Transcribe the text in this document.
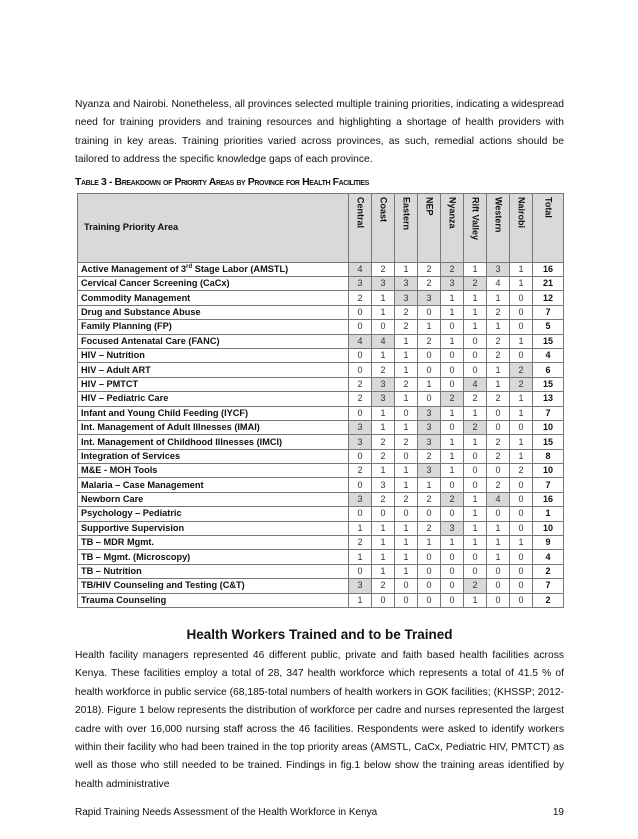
Nyanza and Nairobi. Nonetheless, all provinces selected multiple training priorities, indicating a widespread need for training providers and training resources and highlighting a shortage of health providers with training in key areas. Training priorities varied across provinces, as such, remedial actions should be tailored to address the specific knowledge gaps of each province.

Table 3 - Breakdown of Priority Areas by Province for Health Facilities
Training Priority Area	Central	Coast	Eastern	NEP	Nyanza	Rift Valley	Western	Nairobi	Total

Active Management of 3rd Stage Labor (AMSTL)	4	2	1	2	2	1	3	1	16
Cervical Cancer Screening (CaCx)	3	3	3	2	3	2	4	1	21
Commodity Management	2	1	3	3	1	1	1	0	12
Drug and Substance Abuse	0	1	2	0	1	1	2	0	7
Family Planning (FP)	0	0	2	1	0	1	1	0	5
Focused Antenatal Care (FANC)	4	4	1	2	1	0	2	1	15
HIV – Nutrition	0	1	1	0	0	0	2	0	4
HIV – Adult ART	0	2	1	0	0	0	1	2	6
HIV – PMTCT	2	3	2	1	0	4	1	2	15
HIV – Pediatric Care	2	3	1	0	2	2	2	1	13
Infant and Young Child Feeding (IYCF)	0	1	0	3	1	1	0	1	7
Int. Management of Adult Illnesses (IMAI)	3	1	1	3	0	2	0	0	10
Int. Management of Childhood Illnesses (IMCI)	3	2	2	3	1	1	2	1	15
Integration of Services	0	2	0	2	1	0	2	1	8
M&E - MOH Tools	2	1	1	3	1	0	0	2	10
Malaria – Case Management	0	3	1	1	0	0	2	0	7
Newborn Care	3	2	2	2	2	1	4	0	16
Psychology – Pediatric	0	0	0	0	0	1	0	0	1
Supportive Supervision	1	1	1	2	3	1	1	0	10
TB – MDR Mgmt.	2	1	1	1	1	1	1	1	9
TB – Mgmt. (Microscopy)	1	1	1	0	0	0	1	0	4
TB – Nutrition	0	1	1	0	0	0	0	0	2
TB/HIV Counseling and Testing (C&T)	3	2	0	0	0	2	0	0	7
Trauma Counseling	1	0	0	0	0	1	0	0	2
Health Workers Trained and to be Trained

Health facility managers represented 46 different public, private and faith based health facilities across Kenya. These facilities employ a total of 28, 347 health workforce which represents a total of 41.5 % of health workforce in public service (68,185-total numbers of health workers in GOK facilities; (KHSSP; 2012-2018). Figure 1 below represents the distribution of workforce per cadre and nurses represented the largest cadre with over 16,000 nursing staff across the 46 facilities. Respondents were asked to identify workers within their facility who had been trained in the top priority areas (AMSTL, CaCx, Pediatric HIV, PMTCT) as well as those who still needed to be trained. Findings in fig.1 below show the training areas identified by health administrative

Rapid Training Needs Assessment of the Health Workforce in Kenya	19
